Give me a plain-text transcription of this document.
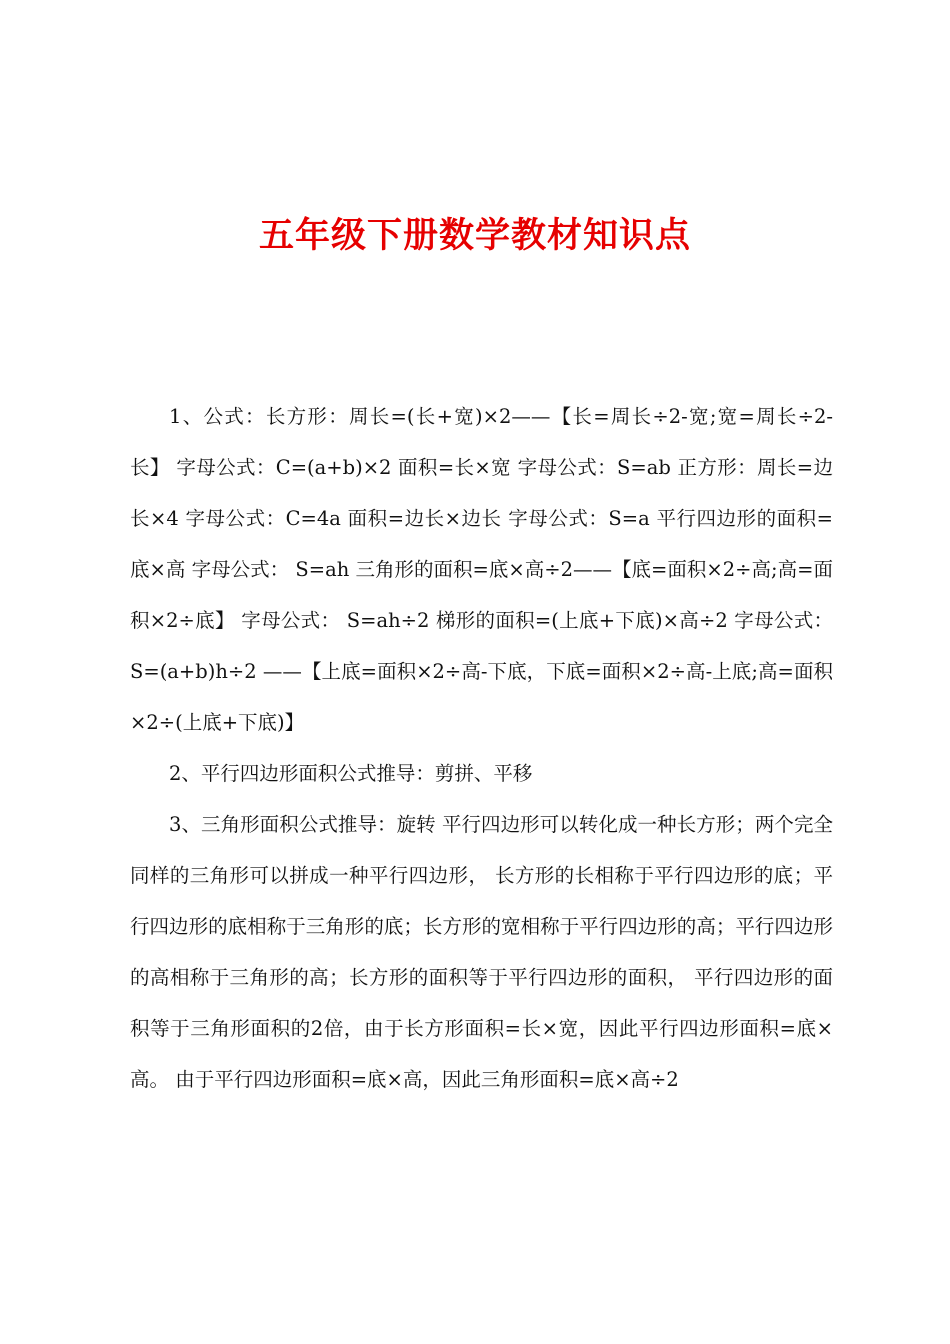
五年级下册数学教材知识点

1、公式：长方形：周长=(长+宽)×2——【长=周长÷2-宽;宽=周长÷2-长】 字母公式：C=(a+b)×2 面积=长×宽 字母公式：S=ab 正方形：周长=边长×4 字母公式：C=4a 面积=边长×边长 字母公式：S=a 平行四边形的面积=底×高 字母公式： S=ah 三角形的面积=底×高÷2——【底=面积×2÷高;高=面积×2÷底】 字母公式： S=ah÷2 梯形的面积=(上底+下底)×高÷2 字母公式： S=(a+b)h÷2 ——【上底=面积×2÷高-下底，下底=面积×2÷高-上底;高=面积×2÷(上底+下底)】

2、平行四边形面积公式推导：剪拼、平移

3、三角形面积公式推导：旋转 平行四边形可以转化成一种长方形；两个完全同样的三角形可以拼成一种平行四边形， 长方形的长相称于平行四边形的底；平行四边形的底相称于三角形的底；长方形的宽相称于平行四边形的高；平行四边形的高相称于三角形的高；长方形的面积等于平行四边形的面积， 平行四边形的面积等于三角形面积的2倍，由于长方形面积=长×宽，因此平行四边形面积=底×高。 由于平行四边形面积=底×高，因此三角形面积=底×高÷2
